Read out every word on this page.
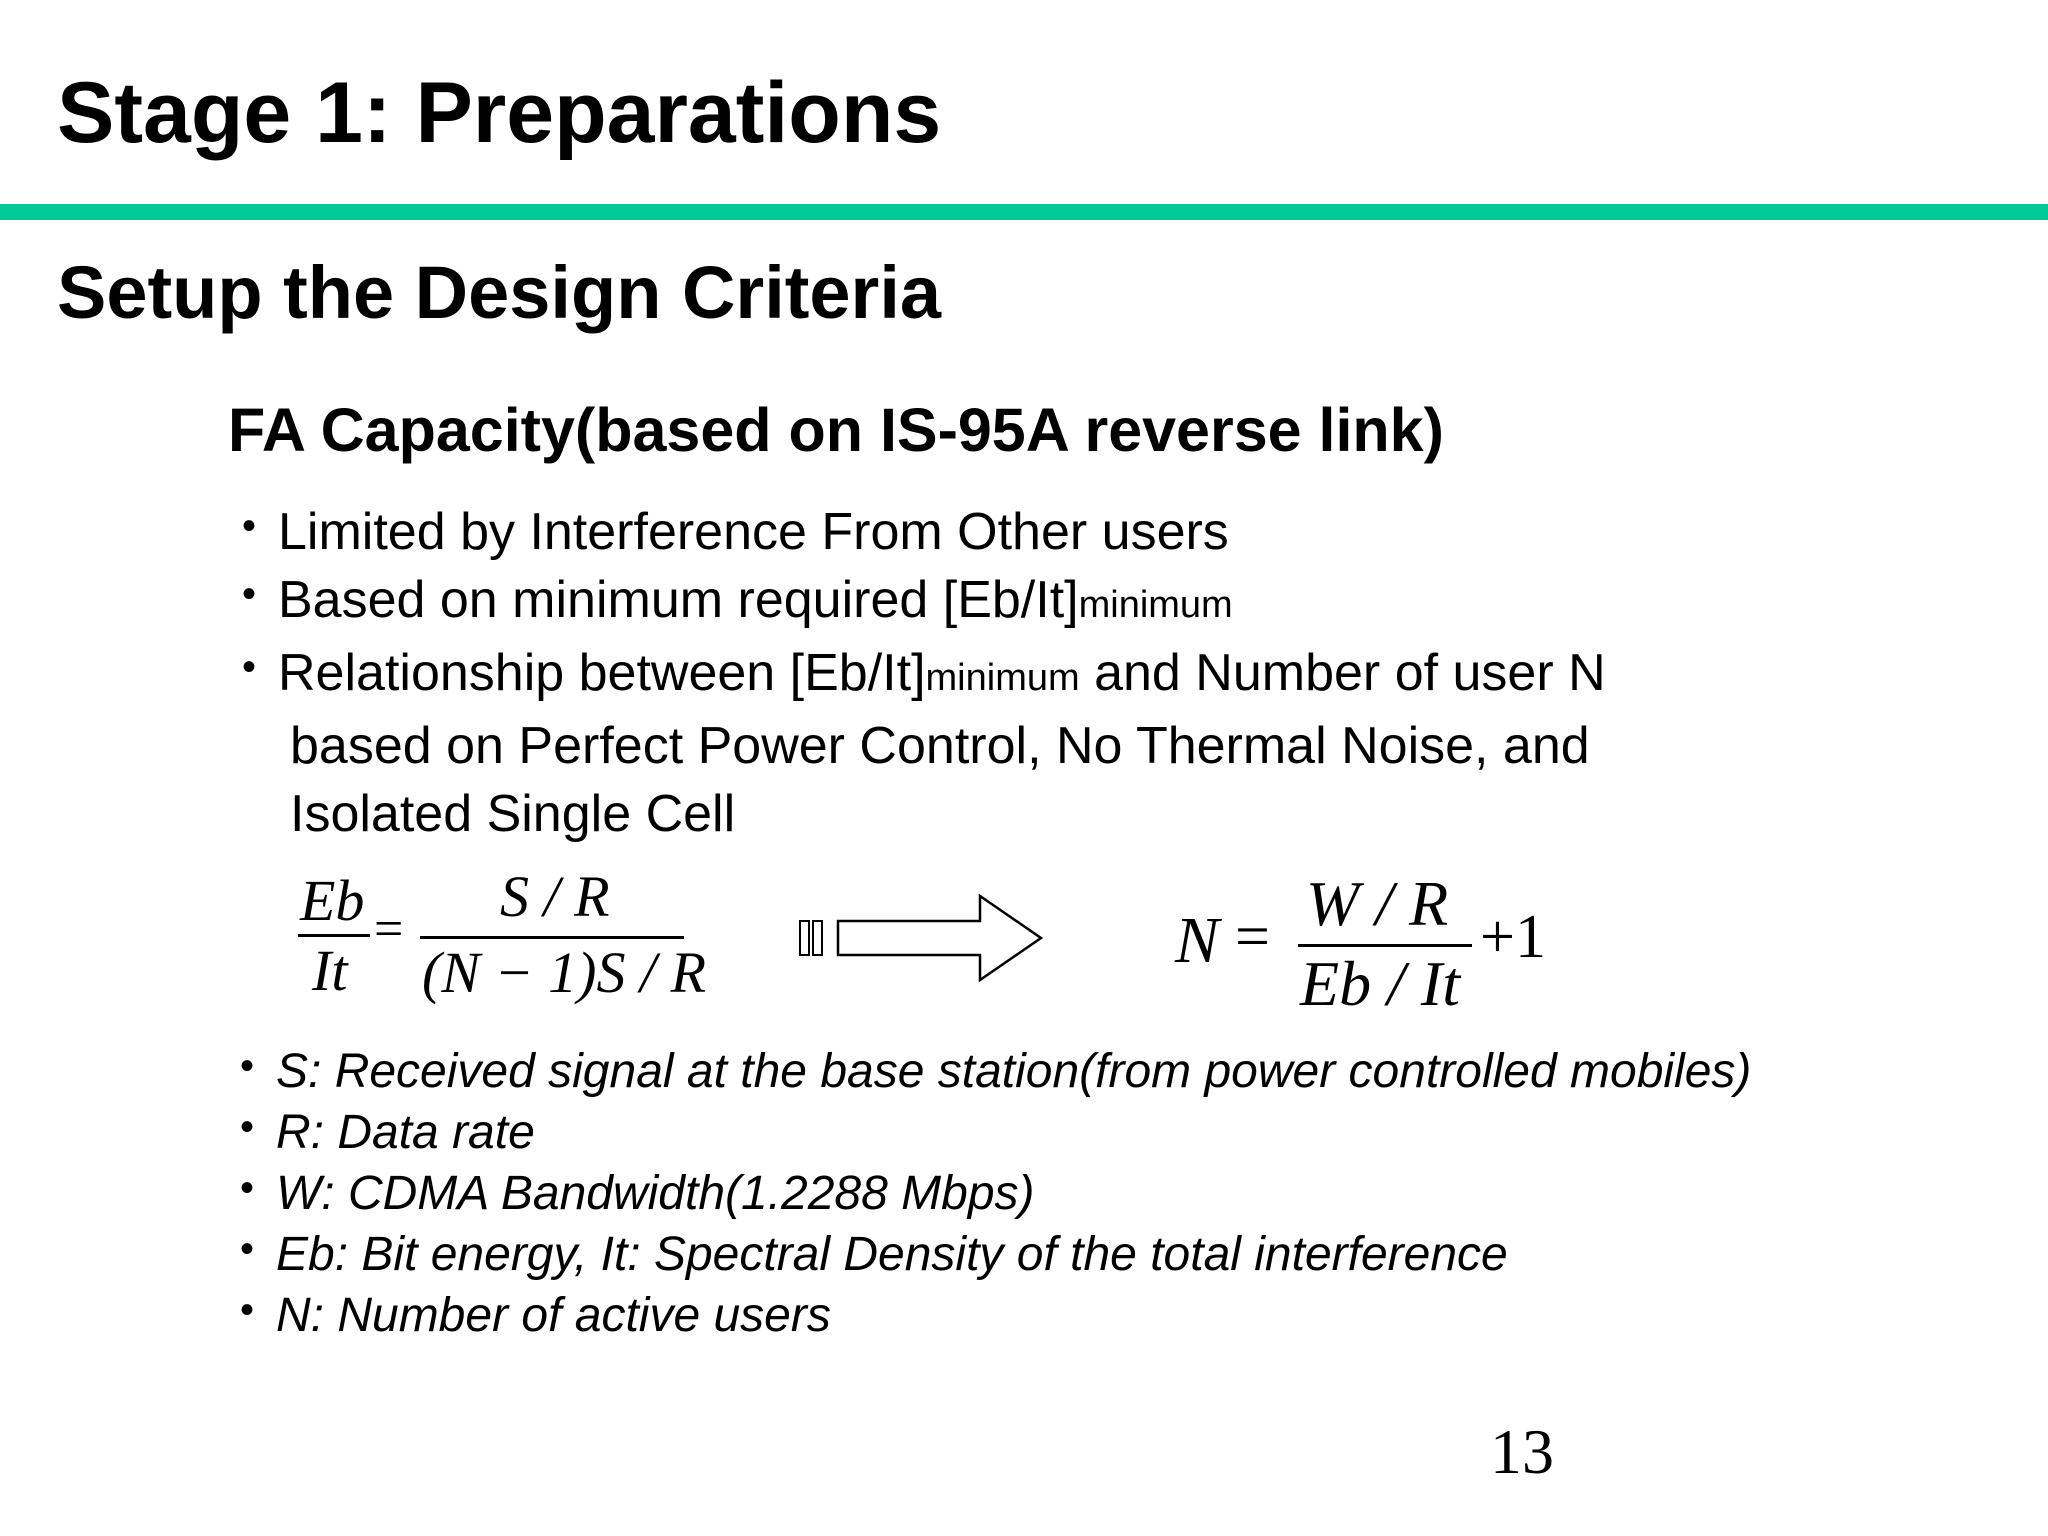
Stage 1: Preparations
Setup the Design Criteria
FA Capacity(based on IS-95A reverse link)
• Limited by Interference From Other users
• Based on minimum required [Eb/It]minimum
• Relationship between [Eb/It]minimum and Number of user N
based on Perfect Power Control, No Thermal Noise, and
Isolated Single Cell
Eb
It
=
S / R
(N − 1)S / R	N = W / R
Eb / It
+1
• S: Received signal at the base station(from power controlled mobiles)
• R: Data rate
• W: CDMA Bandwidth(1.2288 Mbps)
• Eb: Bit energy, It: Spectral Density of the total interference
• N: Number of active users
13
